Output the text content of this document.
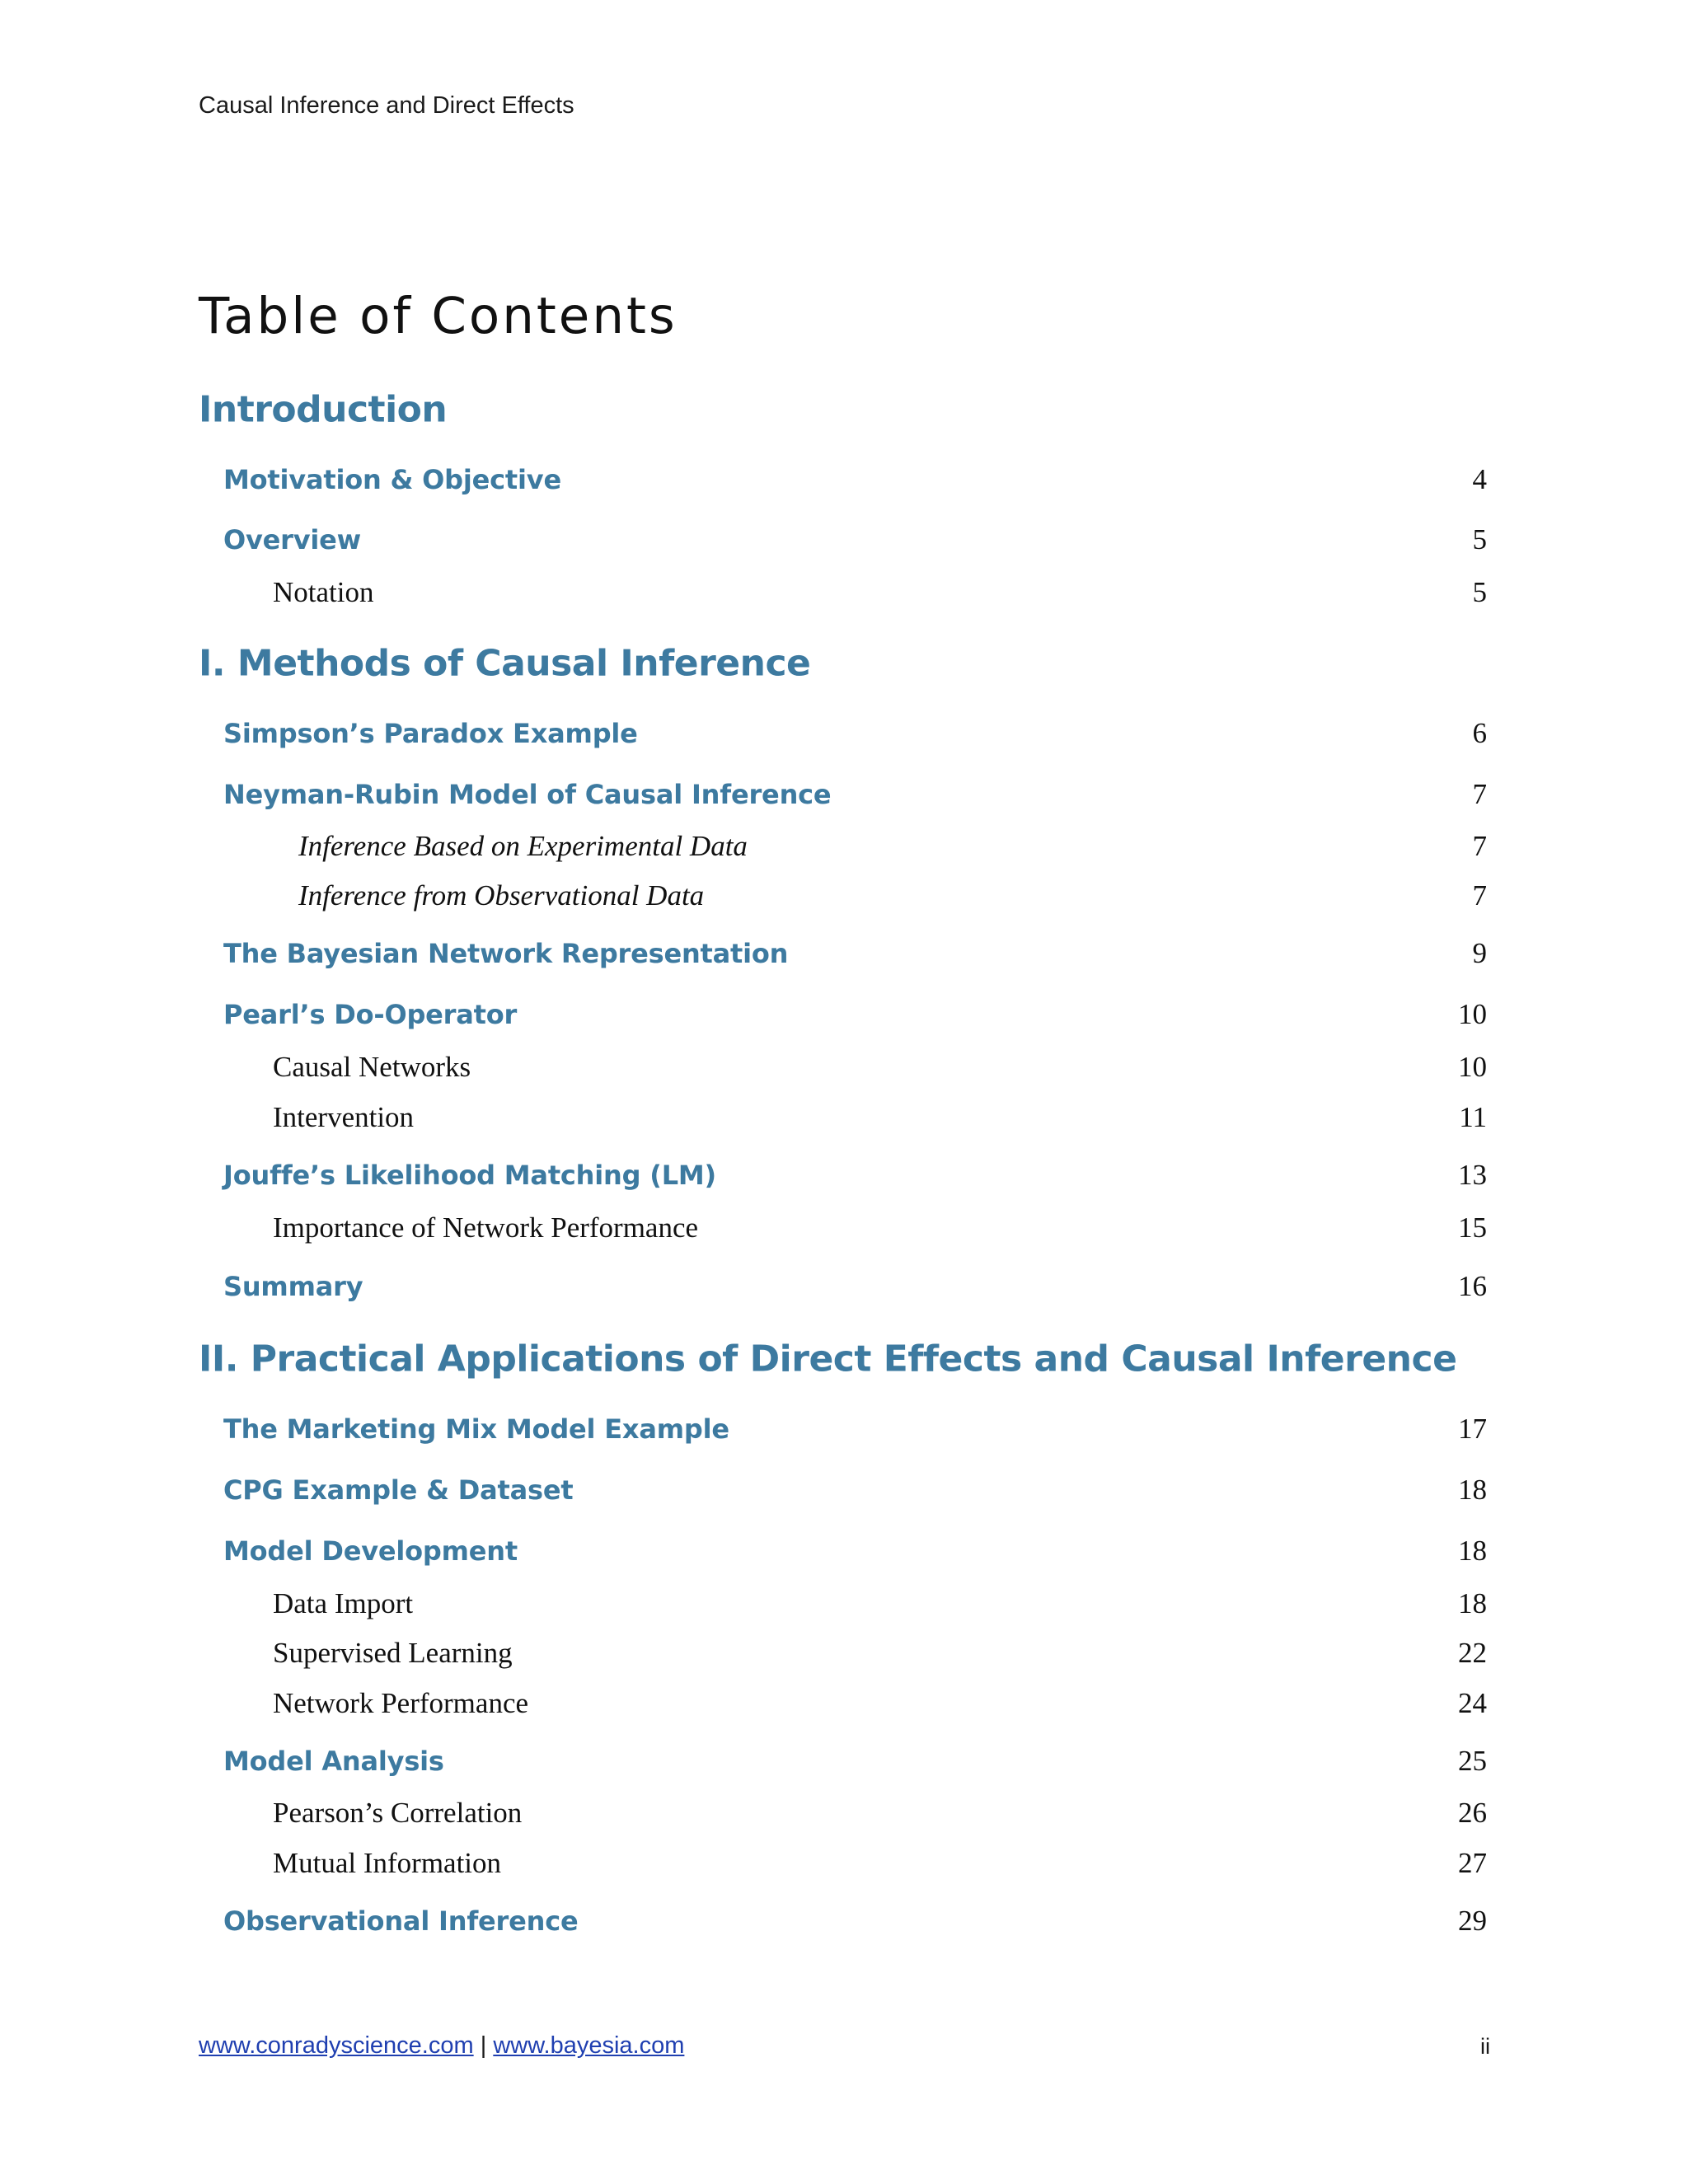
Causal Inference and Direct Effects
Table of Contents
Introduction
Motivation & Objective	4
Overview	5
Notation	5
I. Methods of Causal Inference
Simpson’s Paradox Example	6
Neyman-Rubin Model of Causal Inference	7
Inference Based on Experimental Data	7
Inference from Observational Data	7
The Bayesian Network Representation	9
Pearl’s Do-Operator	10
Causal Networks	10
Intervention	11
Jouffe’s Likelihood Matching (LM)	13
Importance of Network Performance	15
Summary	16
II. Practical Applications of Direct Effects and Causal Inference
The Marketing Mix Model Example	17
CPG Example & Dataset	18
Model Development	18
Data Import	18
Supervised Learning	22
Network Performance	24
Model Analysis	25
Pearson’s Correlation	26
Mutual Information	27
Observational Inference	29
www.conradyscience.com | www.bayesia.com	ii
